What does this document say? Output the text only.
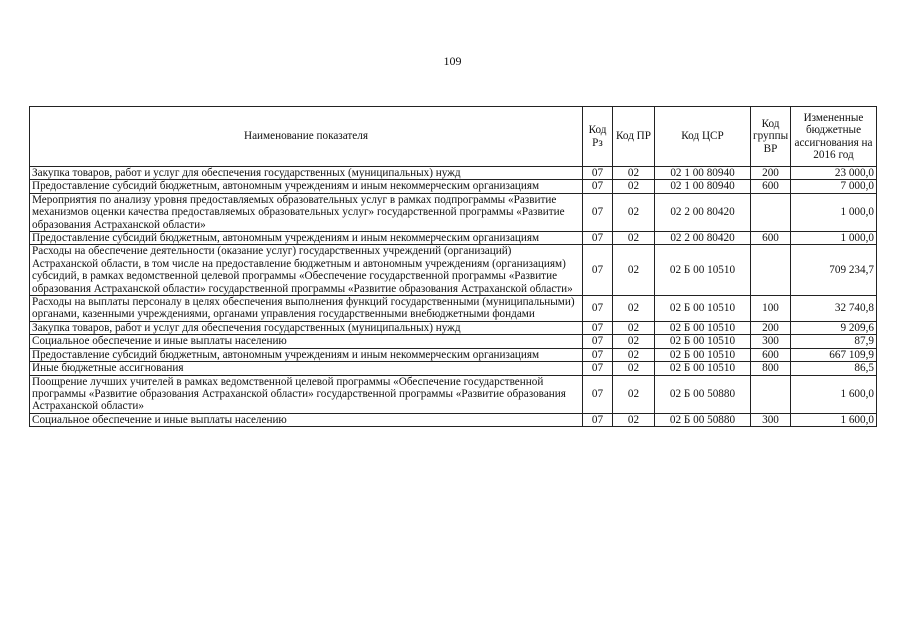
109
Наименование показателя	Код Рз	Код ПР	Код ЦСР	Код группы ВР	Измененные бюджетные ассигнования на 2016 год
Закупка товаров, работ и услуг для обеспечения государственных (муниципальных) нужд	07	02	02 1 00 80940	200	23 000,0
Предоставление субсидий бюджетным, автономным учреждениям и иным некоммерческим организациям	07	02	02 1 00 80940	600	7 000,0
Мероприятия по анализу уровня предоставляемых образовательных услуг в рамках подпрограммы «Развитие механизмов оценки качества предоставляемых образовательных услуг» государственной программы «Развитие образования Астраханской области»	07	02	02 2 00 80420		1 000,0
Предоставление субсидий бюджетным, автономным учреждениям и иным некоммерческим организациям	07	02	02 2 00 80420	600	1 000,0
Расходы на обеспечение деятельности (оказание услуг) государственных учреждений (организаций) Астраханской области, в том числе на предоставление бюджетным и автономным учреждениям (организациям) субсидий, в рамках ведомственной целевой программы «Обеспечение государственной программы «Развитие образования Астраханской области» государственной программы «Развитие образования Астраханской области»	07	02	02 Б 00 10510		709 234,7
Расходы на выплаты персоналу в целях обеспечения выполнения функций государственными (муниципальными) органами, казенными учреждениями, органами управления государственными внебюджетными фондами	07	02	02 Б 00 10510	100	32 740,8
Закупка товаров, работ и услуг для обеспечения государственных (муниципальных) нужд	07	02	02 Б 00 10510	200	9 209,6
Социальное обеспечение и иные выплаты населению	07	02	02 Б 00 10510	300	87,9
Предоставление субсидий бюджетным, автономным учреждениям и иным некоммерческим организациям	07	02	02 Б 00 10510	600	667 109,9
Иные бюджетные ассигнования	07	02	02 Б 00 10510	800	86,5
Поощрение лучших учителей в рамках ведомственной целевой программы «Обеспечение государственной программы «Развитие образования Астраханской области» государственной программы «Развитие образования Астраханской области»	07	02	02 Б 00 50880		1 600,0
Социальное обеспечение и иные выплаты населению	07	02	02 Б 00 50880	300	1 600,0
